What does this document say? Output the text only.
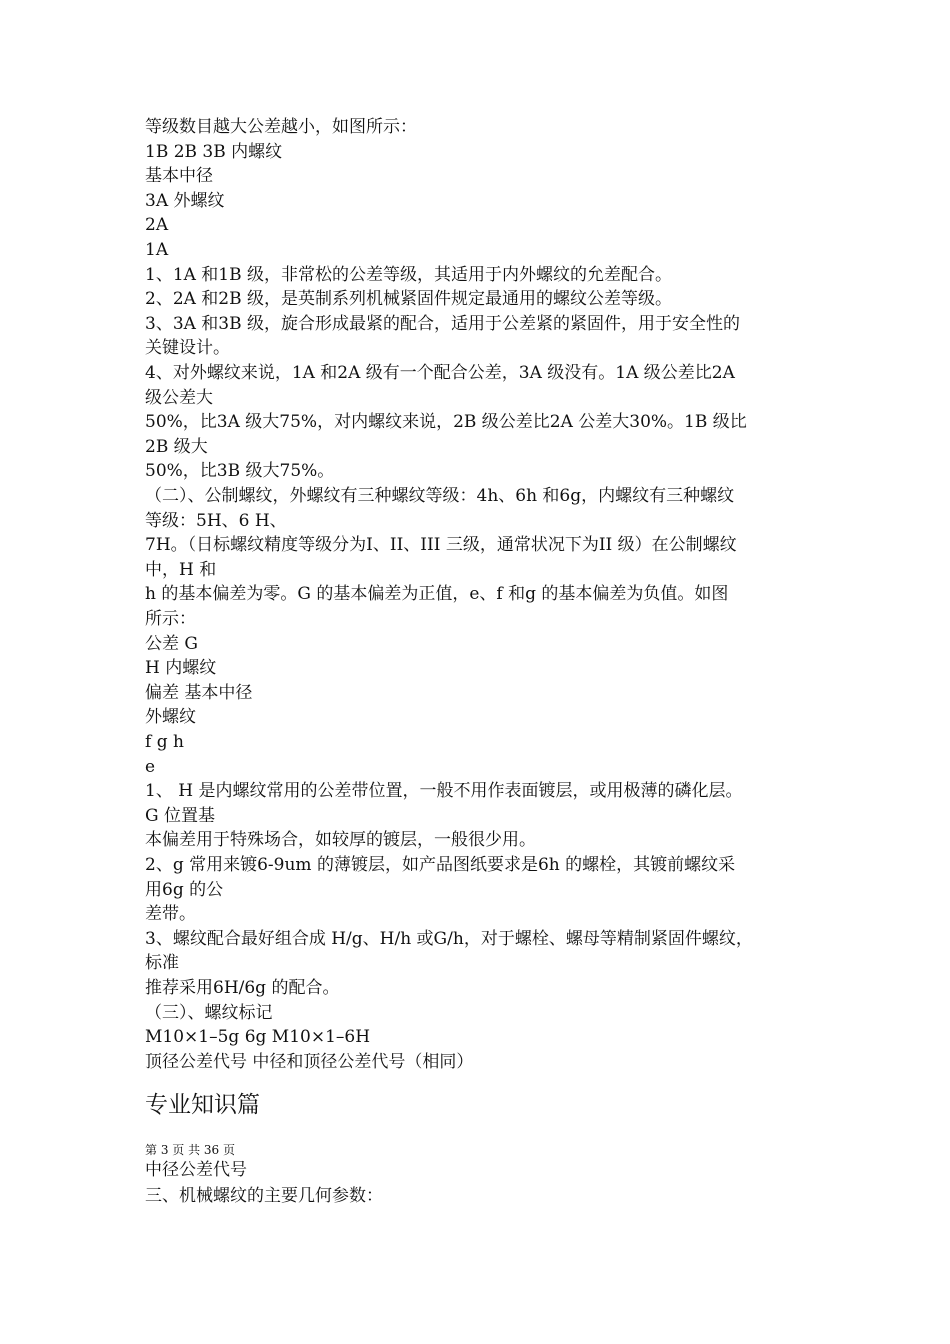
等级数目越大公差越小，如图所示：
1B 2B 3B 内螺纹
基本中径
3A 外螺纹
2A
1A
1、1A 和1B 级，非常松的公差等级，其适用于内外螺纹的允差配合。
2、2A 和2B 级，是英制系列机械紧固件规定最通用的螺纹公差等级。
3、3A 和3B 级，旋合形成最紧的配合，适用于公差紧的紧固件，用于安全性的
关键设计。
4、对外螺纹来说，1A 和2A 级有一个配合公差，3A 级没有。1A 级公差比2A
级公差大
50%，比3A 级大75%，对内螺纹来说，2B 级公差比2A 公差大30%。1B 级比
2B 级大
50%，比3B 级大75%。
（二）、公制螺纹，外螺纹有三种螺纹等级：4h、6h 和6g，内螺纹有三种螺纹
等级：5H、6 H、
7H。（日标螺纹精度等级分为I、II、III 三级，通常状况下为II 级）在公制螺纹
中，H 和
h 的基本偏差为零。G 的基本偏差为正值，e、f 和g 的基本偏差为负值。如图
所示：
公差 G
H 内螺纹
偏差 基本中径
外螺纹
f g h
e
1、 H 是内螺纹常用的公差带位置，一般不用作表面镀层，或用极薄的磷化层。
G 位置基
本偏差用于特殊场合，如较厚的镀层，一般很少用。
2、g 常用来镀6-9um 的薄镀层，如产品图纸要求是6h 的螺栓，其镀前螺纹采
用6g 的公
差带。
3、螺纹配合最好组合成 H/g、H/h 或G/h，对于螺栓、螺母等精制紧固件螺纹，
标准
推荐采用6H/6g 的配合。
（三）、螺纹标记
M10×1–5g 6g M10×1–6H
顶径公差代号 中径和顶径公差代号（相同）
专业知识篇
第 3 页 共 36 页
中径公差代号
三、机械螺纹的主要几何参数：
